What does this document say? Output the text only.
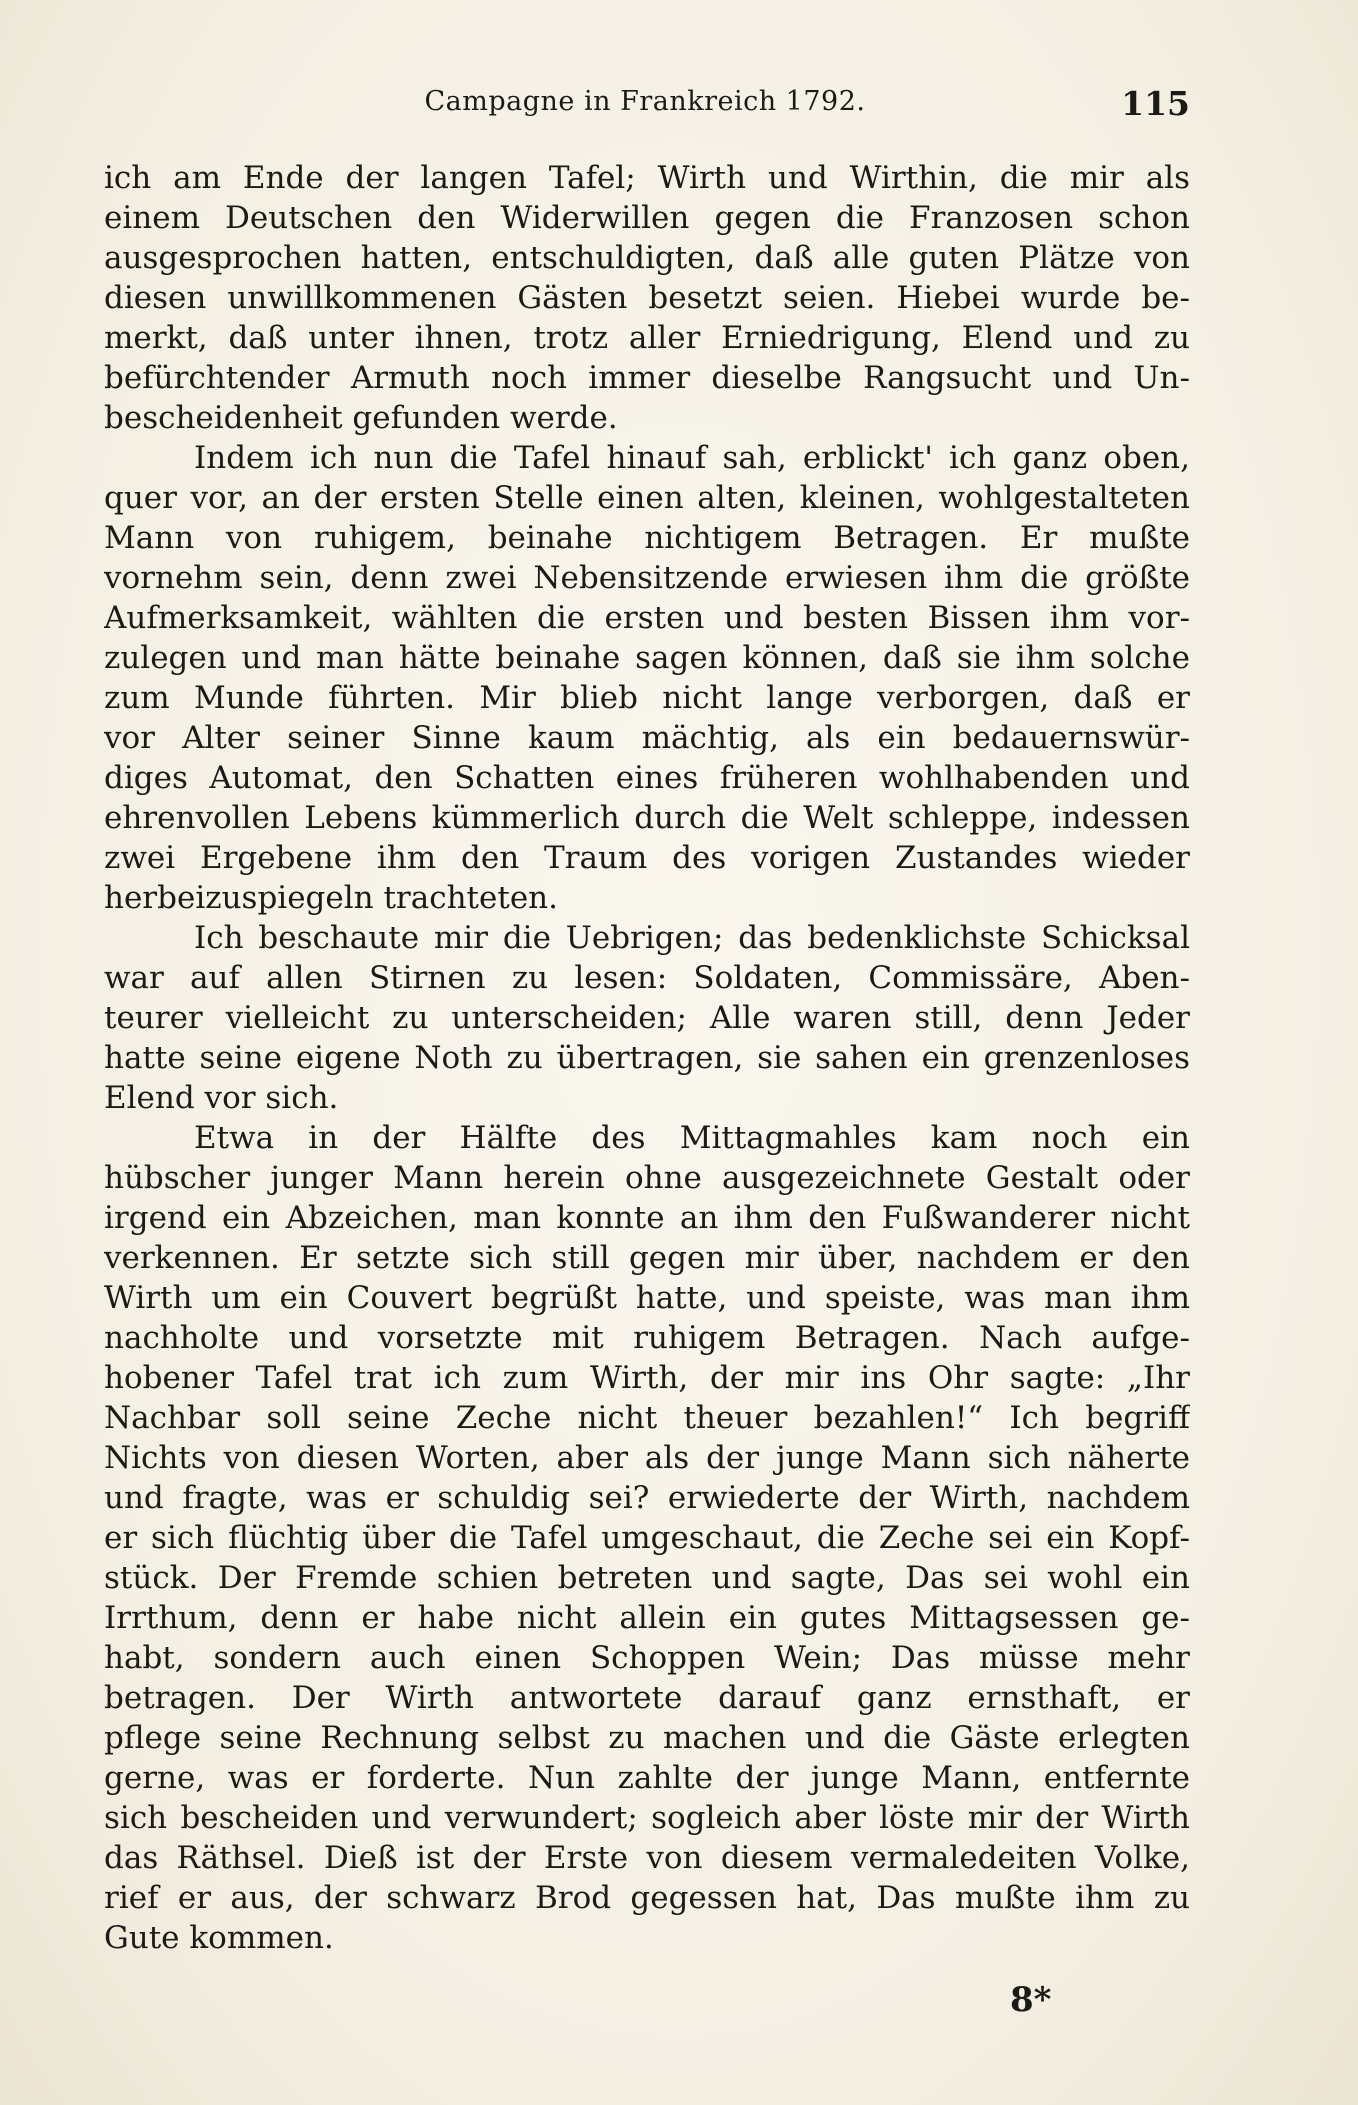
Campagne in Frankreich 1792.	115
ich am Ende der langen Tafel; Wirth und Wirthin, die mir als
einem Deutschen den Widerwillen gegen die Franzosen schon
ausgesprochen hatten, entschuldigten, daß alle guten Plätze von
diesen unwillkommenen Gästen besetzt seien. Hiebei wurde be-
merkt, daß unter ihnen, trotz aller Erniedrigung, Elend und zu
befürchtender Armuth noch immer dieselbe Rangsucht und Un-
bescheidenheit gefunden werde.
Indem ich nun die Tafel hinauf sah, erblickt' ich ganz oben,
quer vor, an der ersten Stelle einen alten, kleinen, wohlgestalteten
Mann von ruhigem, beinahe nichtigem Betragen. Er mußte
vornehm sein, denn zwei Nebensitzende erwiesen ihm die größte
Aufmerksamkeit, wählten die ersten und besten Bissen ihm vor-
zulegen und man hätte beinahe sagen können, daß sie ihm solche
zum Munde führten. Mir blieb nicht lange verborgen, daß er
vor Alter seiner Sinne kaum mächtig, als ein bedauernswür-
diges Automat, den Schatten eines früheren wohlhabenden und
ehrenvollen Lebens kümmerlich durch die Welt schleppe, indessen
zwei Ergebene ihm den Traum des vorigen Zustandes wieder
herbeizuspiegeln trachteten.
Ich beschaute mir die Uebrigen; das bedenklichste Schicksal
war auf allen Stirnen zu lesen: Soldaten, Commissäre, Aben-
teurer vielleicht zu unterscheiden; Alle waren still, denn Jeder
hatte seine eigene Noth zu übertragen, sie sahen ein grenzenloses
Elend vor sich.
Etwa in der Hälfte des Mittagmahles kam noch ein
hübscher junger Mann herein ohne ausgezeichnete Gestalt oder
irgend ein Abzeichen, man konnte an ihm den Fußwanderer nicht
verkennen. Er setzte sich still gegen mir über, nachdem er den
Wirth um ein Couvert begrüßt hatte, und speiste, was man ihm
nachholte und vorsetzte mit ruhigem Betragen. Nach aufge-
hobener Tafel trat ich zum Wirth, der mir ins Ohr sagte: „Ihr
Nachbar soll seine Zeche nicht theuer bezahlen!“ Ich begriff
Nichts von diesen Worten, aber als der junge Mann sich näherte
und fragte, was er schuldig sei? erwiederte der Wirth, nachdem
er sich flüchtig über die Tafel umgeschaut, die Zeche sei ein Kopf-
stück. Der Fremde schien betreten und sagte, Das sei wohl ein
Irrthum, denn er habe nicht allein ein gutes Mittagsessen ge-
habt, sondern auch einen Schoppen Wein; Das müsse mehr
betragen. Der Wirth antwortete darauf ganz ernsthaft, er
pflege seine Rechnung selbst zu machen und die Gäste erlegten
gerne, was er forderte. Nun zahlte der junge Mann, entfernte
sich bescheiden und verwundert; sogleich aber löste mir der Wirth
das Räthsel. Dieß ist der Erste von diesem vermaledeiten Volke,
rief er aus, der schwarz Brod gegessen hat, Das mußte ihm zu
Gute kommen.
8*
